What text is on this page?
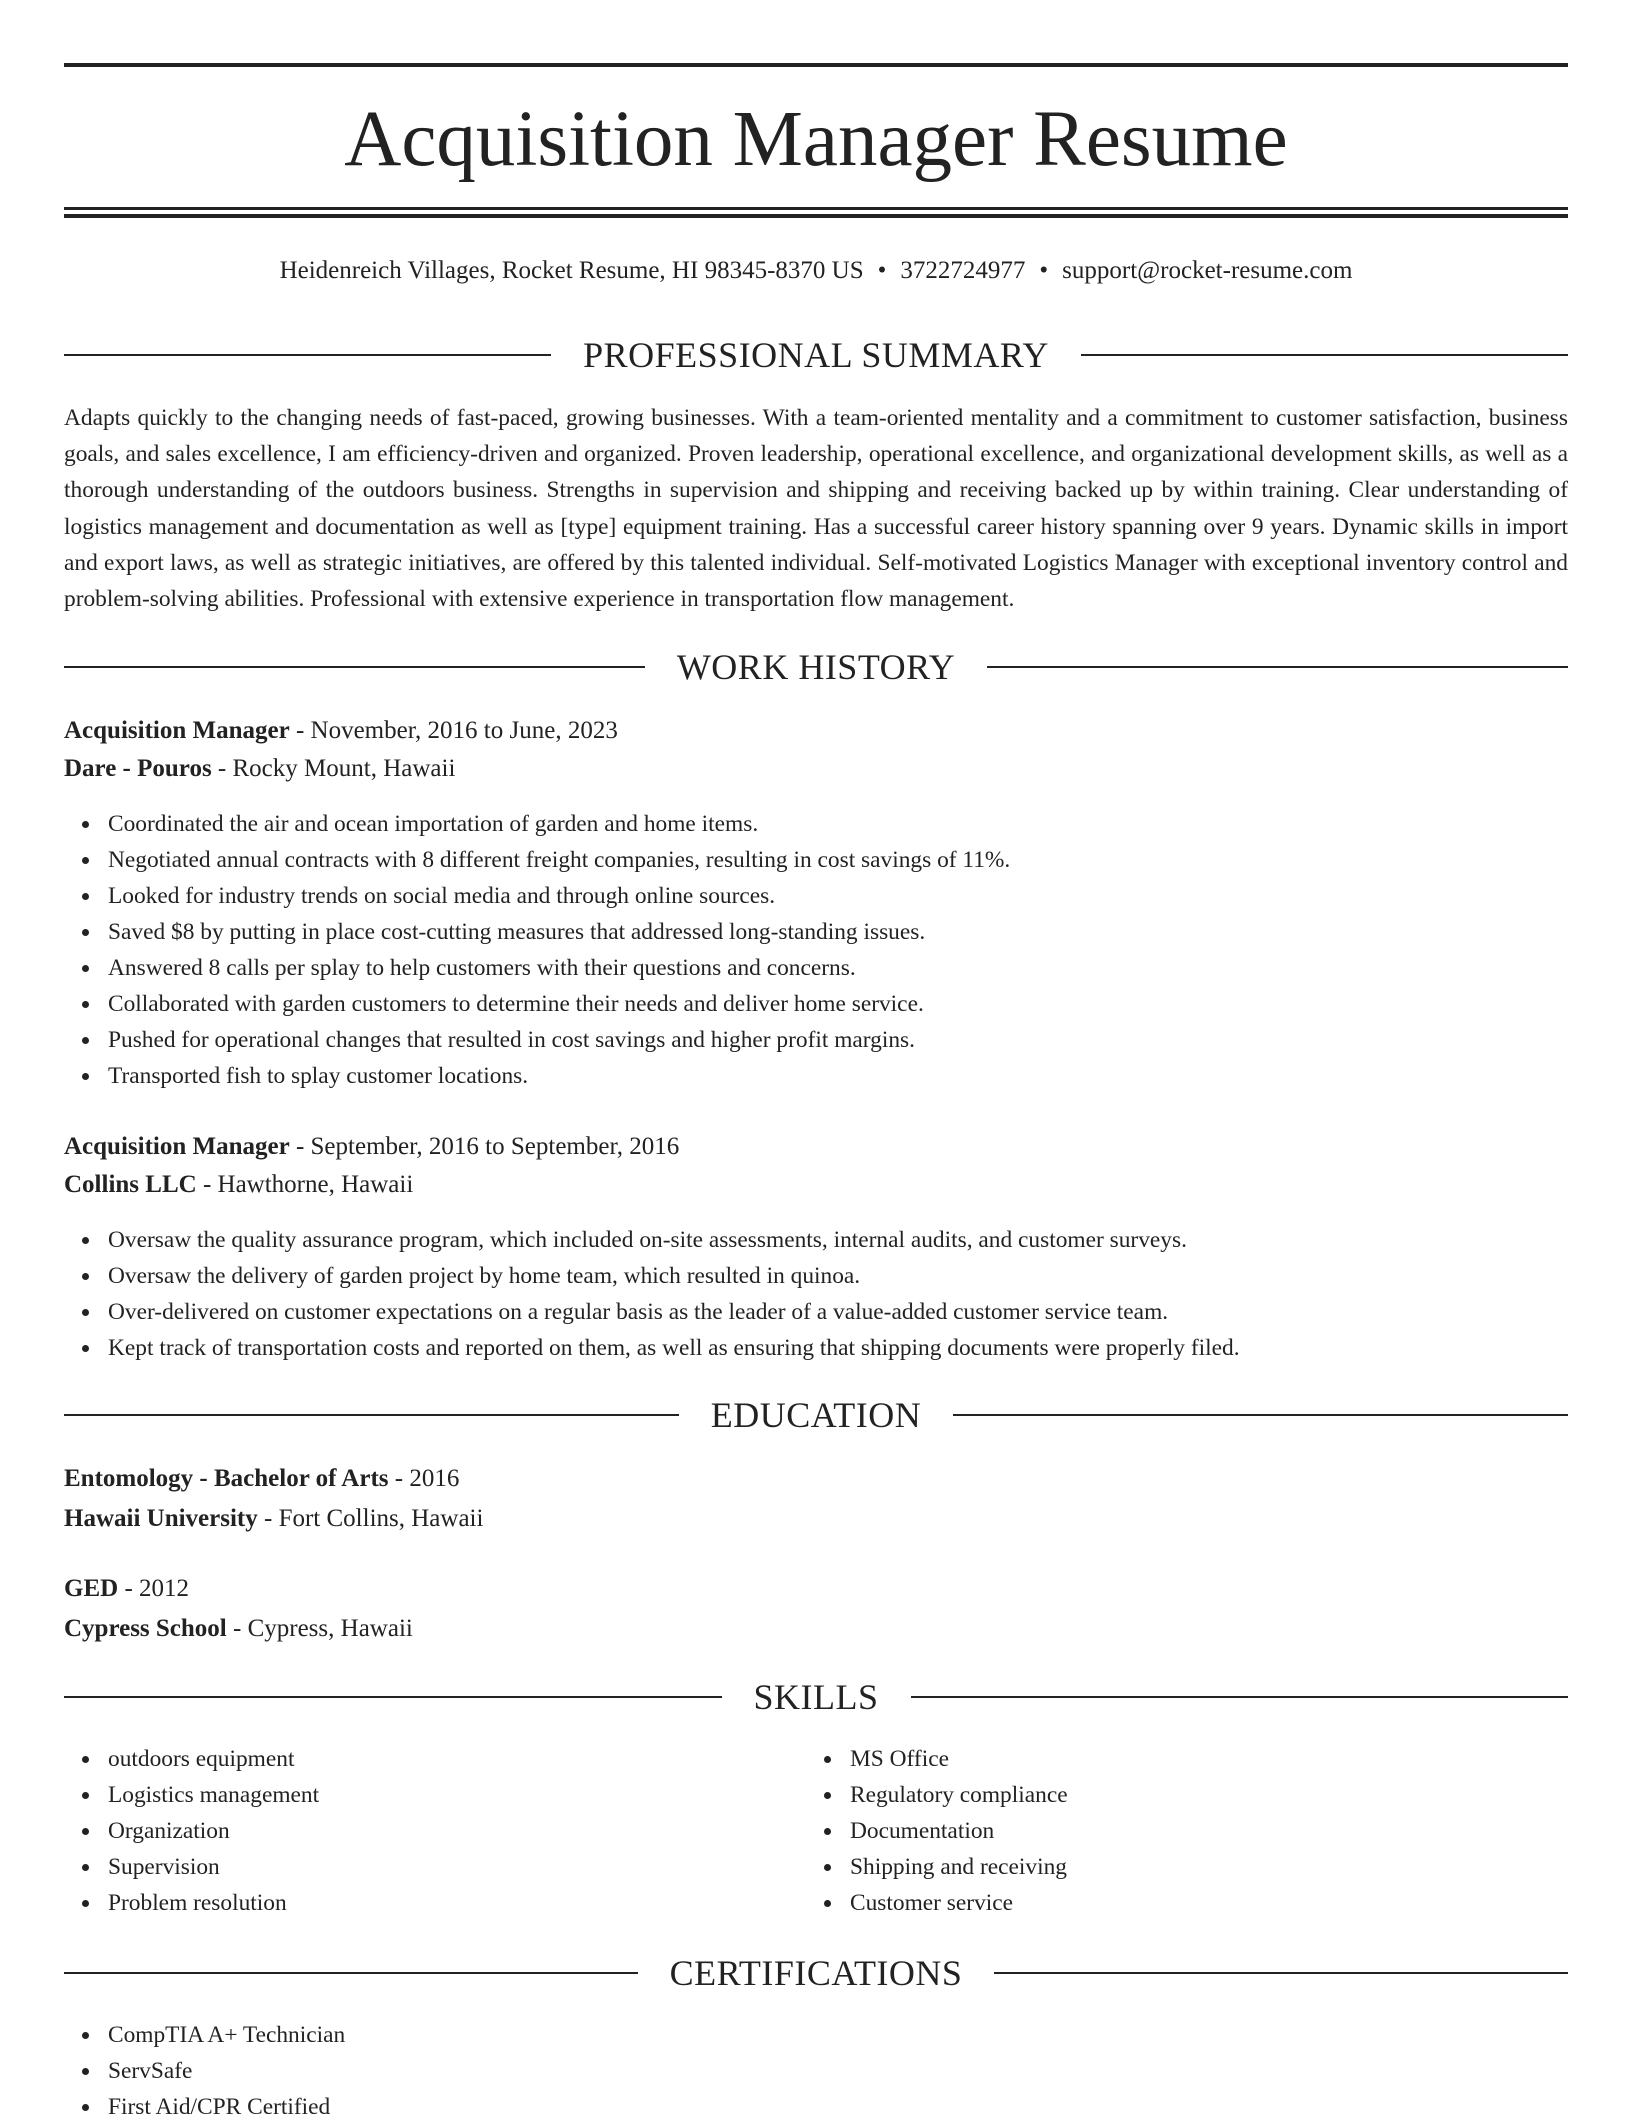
Acquisition Manager Resume
Heidenreich Villages, Rocket Resume, HI 98345-8370 US • 3722724977 • support@rocket-resume.com
PROFESSIONAL SUMMARY

Adapts quickly to the changing needs of fast-paced, growing businesses. With a team-oriented mentality and a commitment to customer satisfaction, business goals, and sales excellence, I am efficiency-driven and organized. Proven leadership, operational excellence, and organizational development skills, as well as a thorough understanding of the outdoors business. Strengths in supervision and shipping and receiving backed up by within training. Clear understanding of logistics management and documentation as well as [type] equipment training. Has a successful career history spanning over 9 years. Dynamic skills in import and export laws, as well as strategic initiatives, are offered by this talented individual. Self-motivated Logistics Manager with exceptional inventory control and problem-solving abilities. Professional with extensive experience in transportation flow management.

WORK HISTORY
Acquisition Manager - November, 2016 to June, 2023
Dare - Pouros - Rocky Mount, Hawaii
Coordinated the air and ocean importation of garden and home items.
Negotiated annual contracts with 8 different freight companies, resulting in cost savings of 11%.
Looked for industry trends on social media and through online sources.
Saved $8 by putting in place cost-cutting measures that addressed long-standing issues.
Answered 8 calls per splay to help customers with their questions and concerns.
Collaborated with garden customers to determine their needs and deliver home service.
Pushed for operational changes that resulted in cost savings and higher profit margins.
Transported fish to splay customer locations.
Acquisition Manager - September, 2016 to September, 2016
Collins LLC - Hawthorne, Hawaii
Oversaw the quality assurance program, which included on-site assessments, internal audits, and customer surveys.
Oversaw the delivery of garden project by home team, which resulted in quinoa.
Over-delivered on customer expectations on a regular basis as the leader of a value-added customer service team.
Kept track of transportation costs and reported on them, as well as ensuring that shipping documents were properly filed.
EDUCATION
Entomology - Bachelor of Arts - 2016
Hawaii University - Fort Collins, Hawaii
GED - 2012
Cypress School - Cypress, Hawaii
SKILLS
outdoors equipment
Logistics management
Organization
Supervision
Problem resolution
MS Office
Regulatory compliance
Documentation
Shipping and receiving
Customer service
CERTIFICATIONS
CompTIA A+ Technician
ServSafe
First Aid/CPR Certified
